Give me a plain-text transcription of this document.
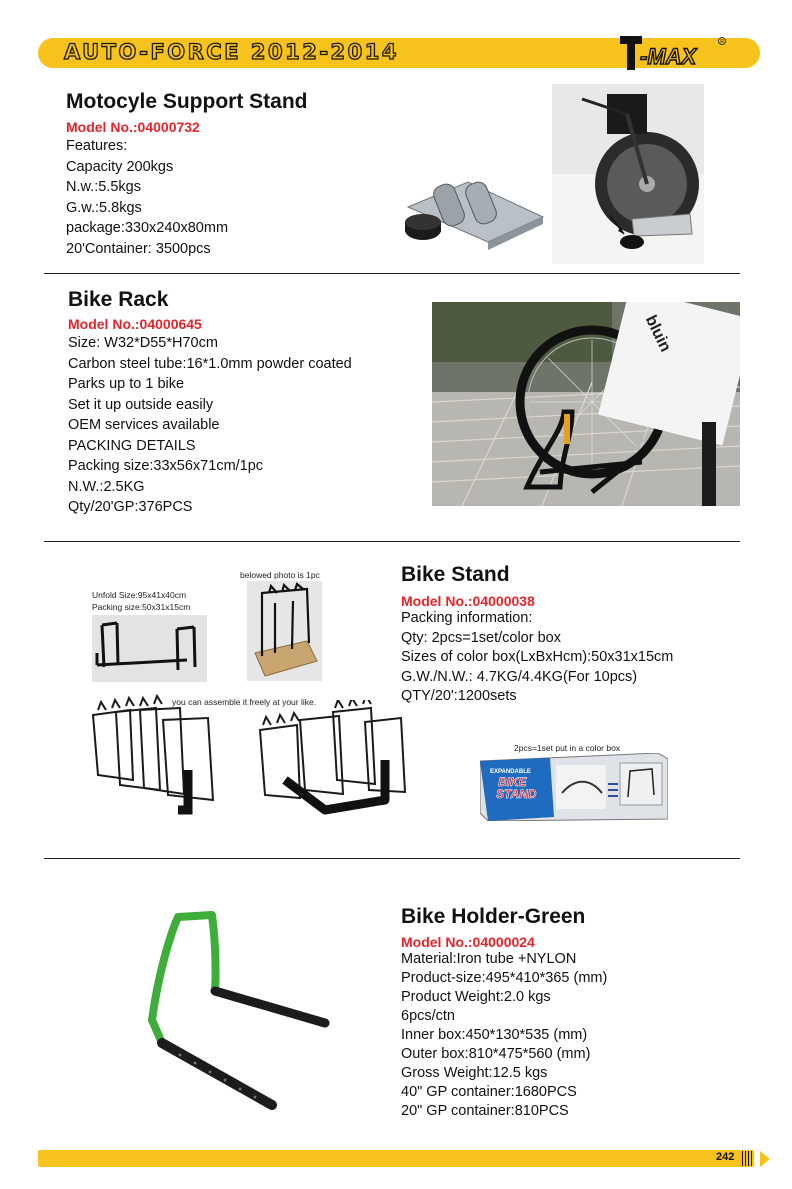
AUTO-FORCE 2012-2014	-MAX
R
Motocyle Support Stand
Model No.:04000732
Features:
Capacity 200kgs
N.w.:5.5kgs
G.w.:5.8kgs
package:330x240x80mm
20'Container: 3500pcs
Bike Rack
Model No.:04000645
Size: W32*D55*H70cm
Carbon steel tube:16*1.0mm powder coated
Parks up to 1 bike
Set it up outside easily
OEM services available
PACKING DETAILS
Packing size:33x56x71cm/1pc
N.W.:2.5KG
Qty/20'GP:376PCS
bluin
Bike Stand
Model No.:04000038
Packing information:
Qty: 2pcs=1set/color box
Sizes of color box(LxBxHcm):50x31x15cm
G.W./N.W.: 4.7KG/4.4KG(For 10pcs)
QTY/20':1200sets
belowed photo is 1pc
Unfold Size:95x41x40cm
Packing size:50x31x15cm
you can assemble it freely at your like.
2pcs=1set put in a color box
EXPANDABLE
BIKE
STAND
Bike Holder-Green
Model No.:04000024
Material:Iron tube +NYLON
Product-size:495*410*365 (mm)
Product Weight:2.0 kgs
6pcs/ctn
Inner box:450*130*535 (mm)
Outer box:810*475*560 (mm)
Gross Weight:12.5 kgs
40" GP container:1680PCS
20" GP container:810PCS
242
